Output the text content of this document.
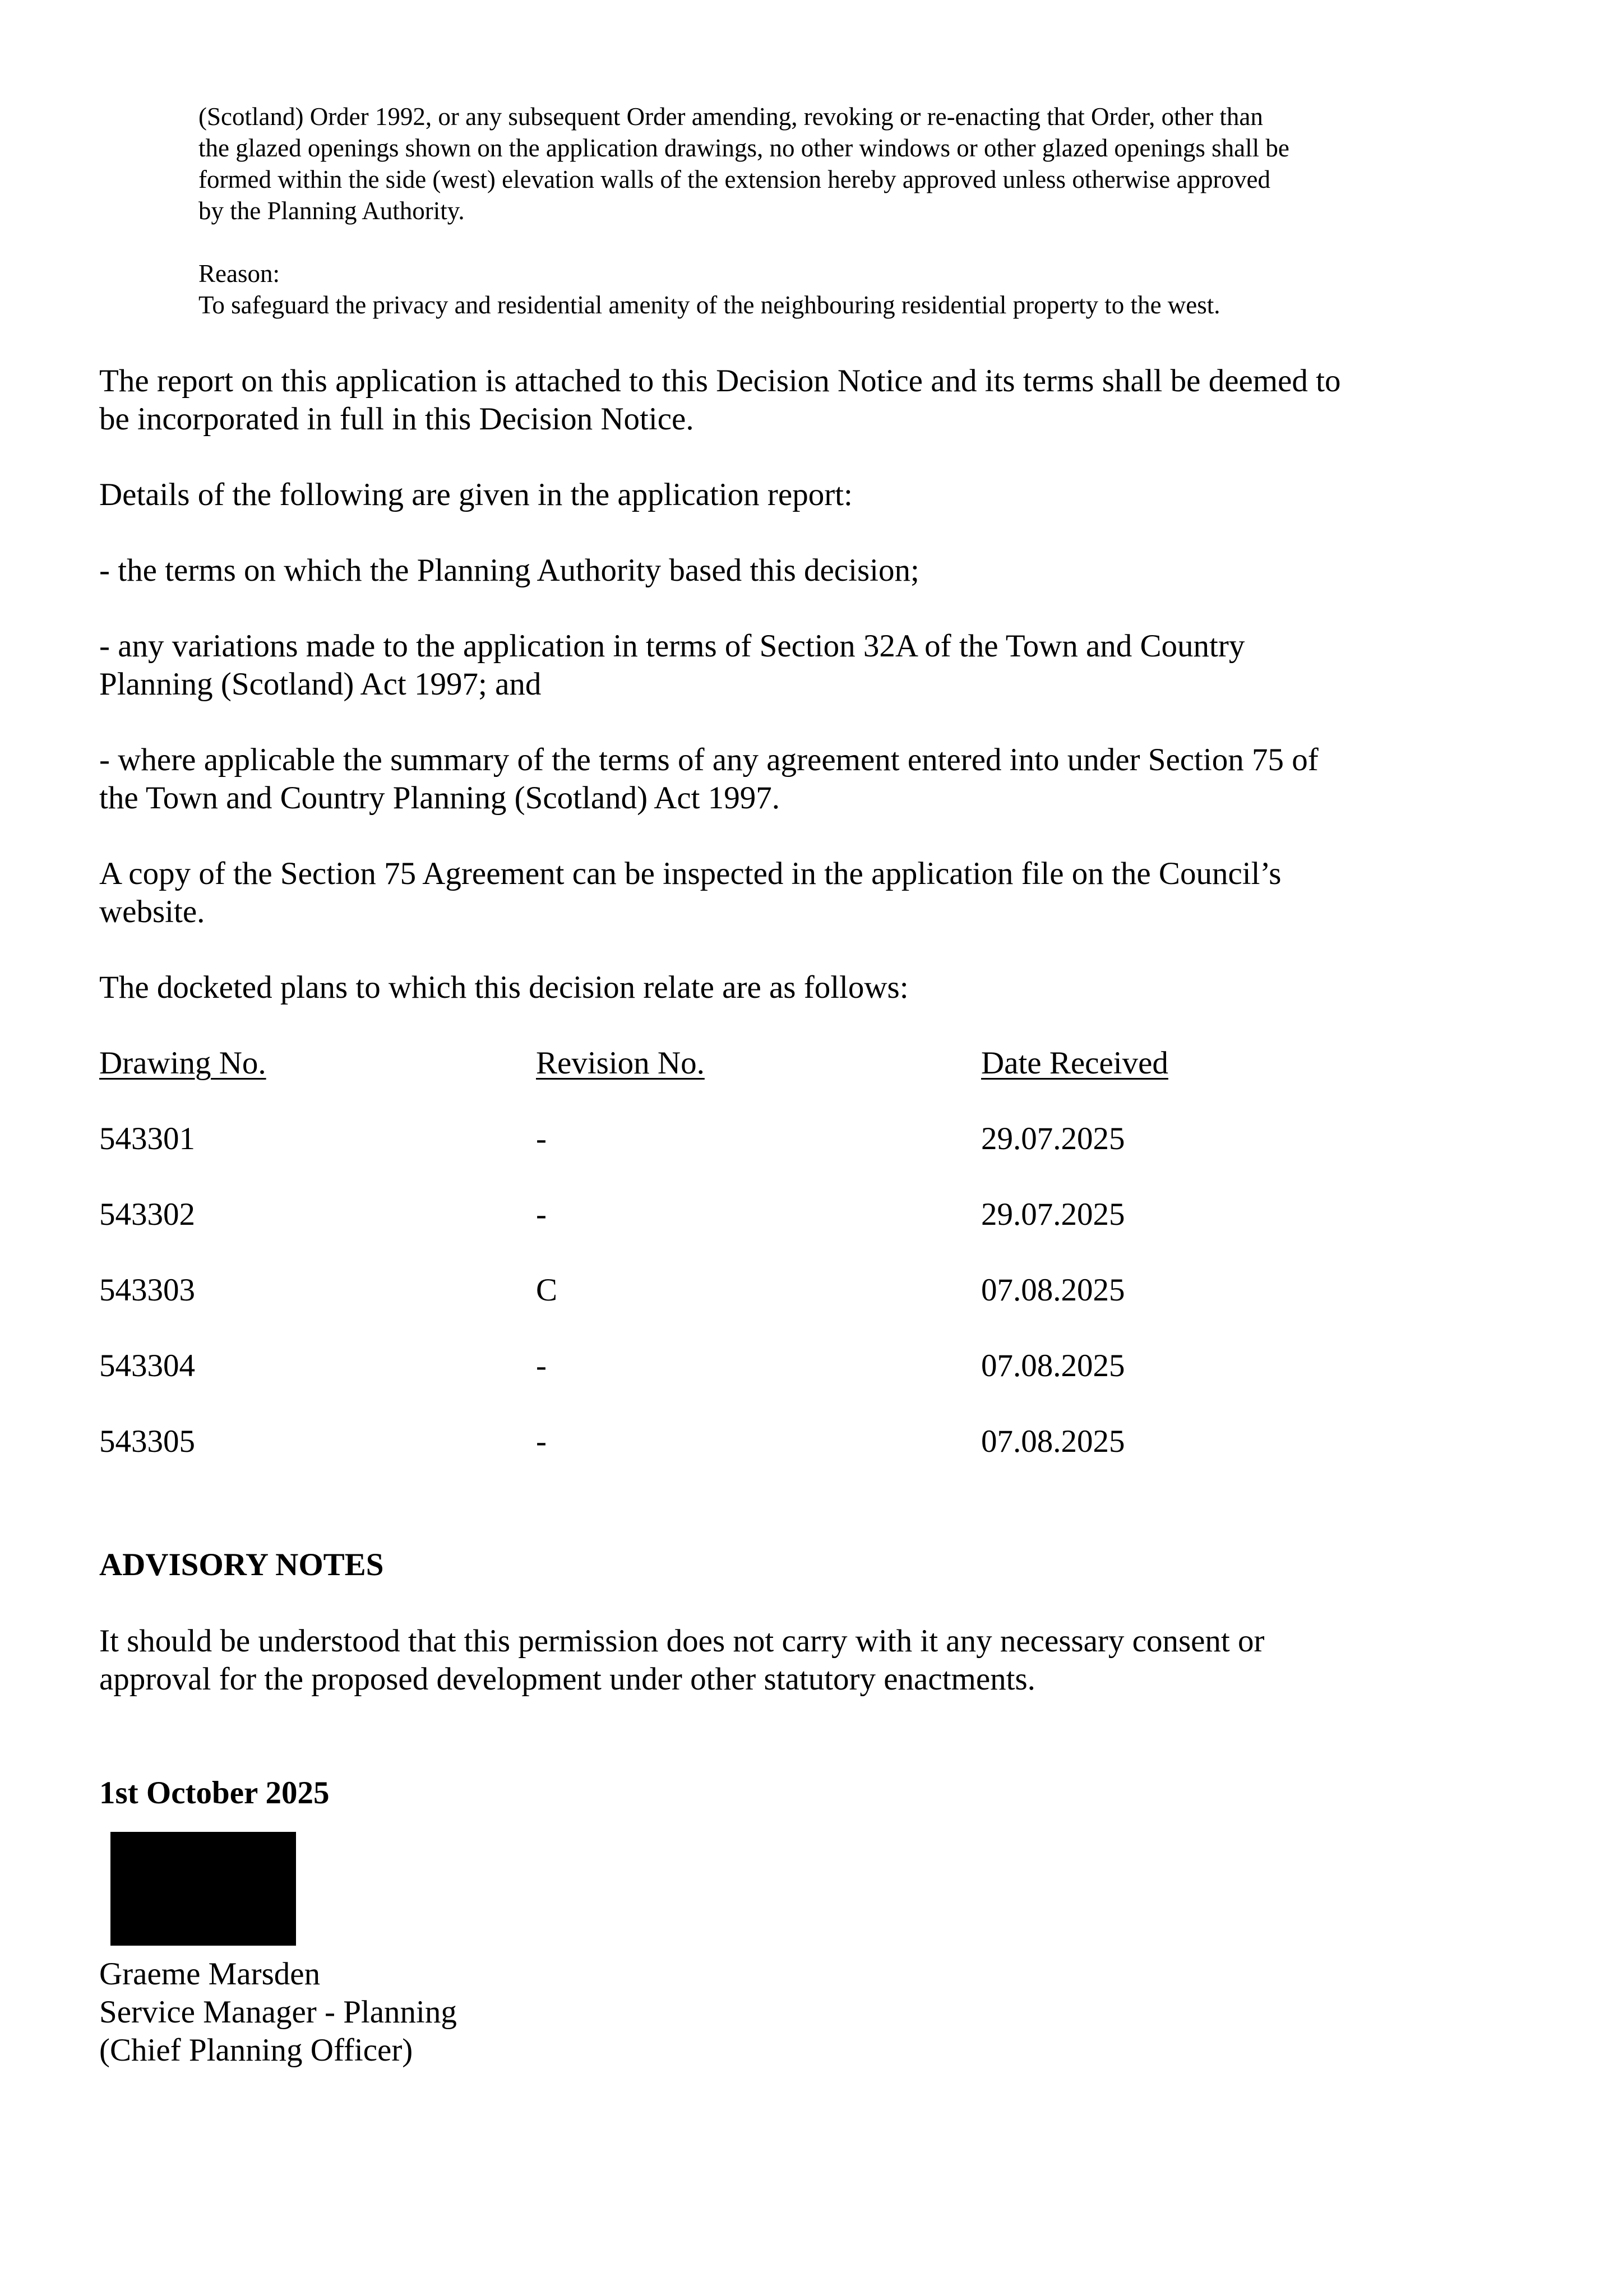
(Scotland) Order 1992, or any subsequent Order amending, revoking or re-enacting that Order, other than

the glazed openings shown on the application drawings, no other windows or other glazed openings shall be

formed within the side (west) elevation walls of the extension hereby approved unless otherwise approved

by the Planning Authority.

Reason:

To safeguard the privacy and residential amenity of the neighbouring residential property to the west.

The report on this application is attached to this Decision Notice and its terms shall be deemed to

be incorporated in full in this Decision Notice.

Details of the following are given in the application report:

- the terms on which the Planning Authority based this decision;

- any variations made to the application in terms of Section 32A of the Town and Country

Planning (Scotland) Act 1997; and

- where applicable the summary of the terms of any agreement entered into under Section 75 of

the Town and Country Planning (Scotland) Act 1997.

A copy of the Section 75 Agreement can be inspected in the application file on the Council’s

website.

The docketed plans to which this decision relate are as follows:

Drawing No.	Revision No.	Date Received
543301	-	29.07.2025
543302	-	29.07.2025
543303	C	07.08.2025
543304	-	07.08.2025
543305	-	07.08.2025

ADVISORY NOTES

It should be understood that this permission does not carry with it any necessary consent or

approval for the proposed development under other statutory enactments.

1st October 2025

Graeme Marsden
Service Manager - Planning
(Chief Planning Officer)
